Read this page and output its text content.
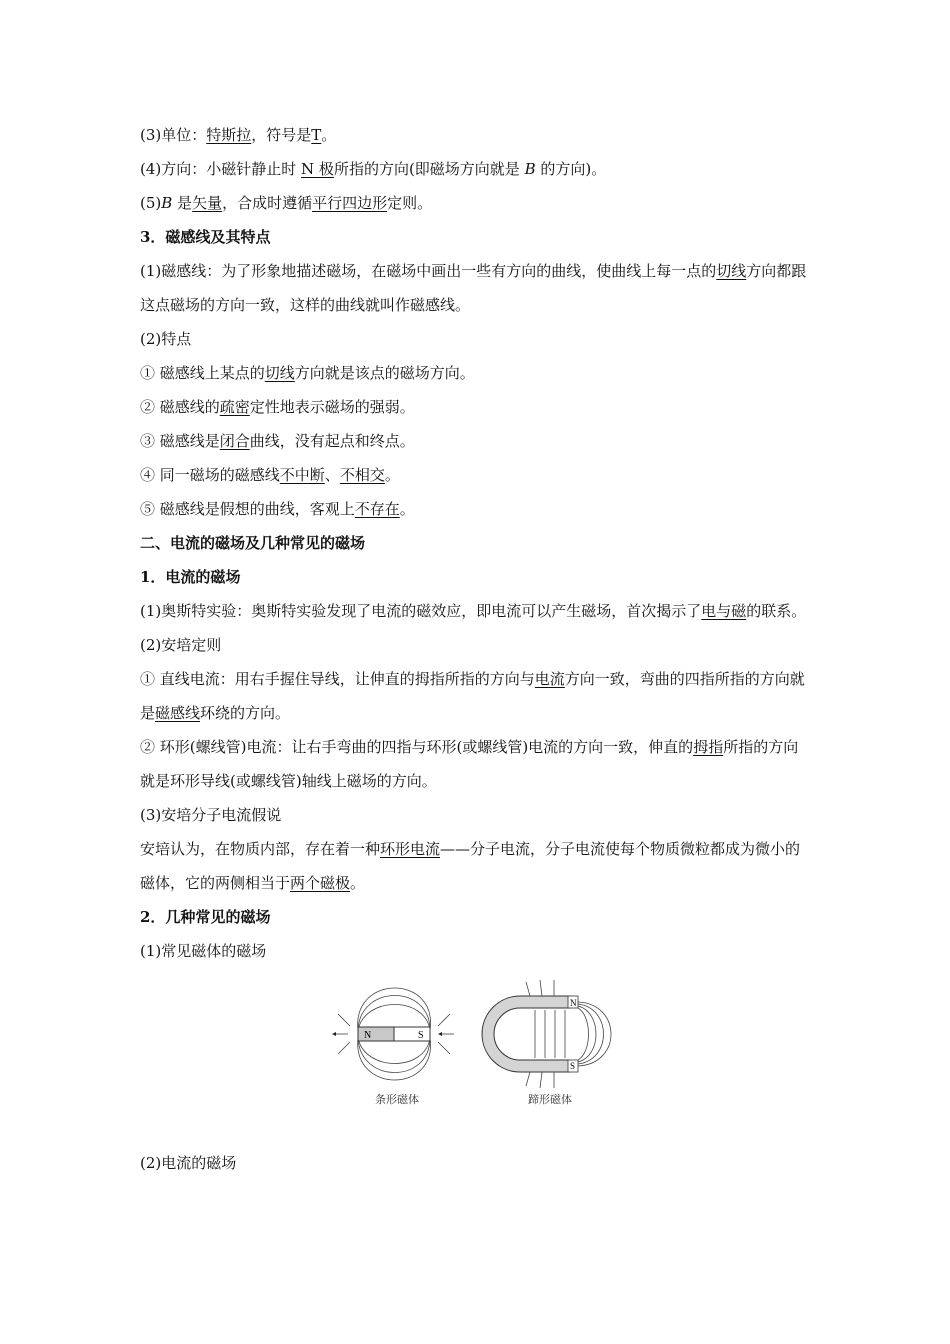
(3)单位：特斯拉，符号是T。
(4)方向：小磁针静止时 N 极所指的方向(即磁场方向就是 B 的方向)。
(5)B 是矢量，合成时遵循平行四边形定则。
3．磁感线及其特点
(1)磁感线：为了形象地描述磁场，在磁场中画出一些有方向的曲线，使曲线上每一点的切线方向都跟这点磁场的方向一致，这样的曲线就叫作磁感线。
(2)特点
① 磁感线上某点的切线方向就是该点的磁场方向。
② 磁感线的疏密定性地表示磁场的强弱。
③ 磁感线是闭合曲线，没有起点和终点。
④ 同一磁场的磁感线不中断、不相交。
⑤ 磁感线是假想的曲线，客观上不存在。
二、电流的磁场及几种常见的磁场
1．电流的磁场
(1)奥斯特实验：奥斯特实验发现了电流的磁效应，即电流可以产生磁场，首次揭示了电与磁的联系。
(2)安培定则
① 直线电流：用右手握住导线，让伸直的拇指所指的方向与电流方向一致，弯曲的四指所指的方向就是磁感线环绕的方向。
② 环形(螺线管)电流：让右手弯曲的四指与环形(或螺线管)电流的方向一致，伸直的拇指所指的方向就是环形导线(或螺线管)轴线上磁场的方向。
(3)安培分子电流假说
安培认为，在物质内部，存在着一种环形电流——分子电流，分子电流使每个物质微粒都成为微小的磁体，它的两侧相当于两个磁极。
2．几种常见的磁场
(1)常见磁体的磁场
N	S
N
S
条形磁体	蹄形磁体
(2)电流的磁场
